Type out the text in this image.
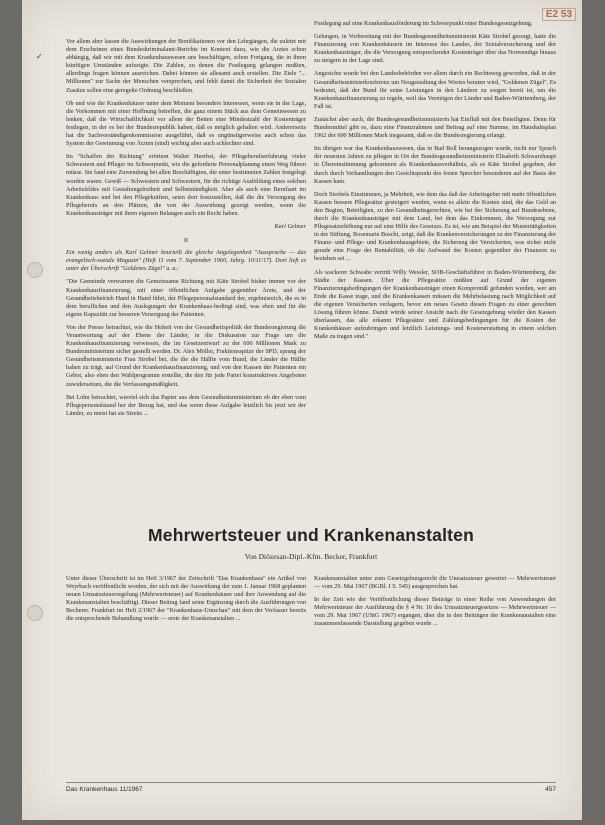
E2 53
✓

Vor allem aber lassen die Auswirkungen der Bonifikationen vor den Lehrgängen, die zuletzt mit dem Erscheinen eines Bundeskriminalamt-Berichts im Kontext dazu, wie die Arztes schon abhängig, daß wir mit dem Krankenhauswesen uns beschäftigen, schon Fortgang, die in ihren künftigen Umständen aufzeigte. Die Zahlen, zu denen die Festlegung gelangen mußten, allerdings fragen können ausreichen. Dabei können sie allesamt auch erstellen. Die Ziele "... Millionen" zur Sache der Menschen versprechen, und fehlt damit die Sicherheit der Sozialen Zusätze sollen eine geregelte Ordnung beschließen.

Ob und wie die Krankenhäuser unter dem Moment besonders Interessen, wenn sie in der Lage, die Vorkommen mit einer Hoffnung betreffen, die ganz einem Stück aus dem Gemeinwesen zu lenken, daß die Wirtschaftlichkeit vor allem der Betten eine Mindestzahl der Kostenträger festlegen, in der es bei der Bundesrepublik haben, daß es möglich gehalten wird. Andererseits hat die Sachverständigenkommission ausgeführt, daß es ungünstigerweise auch schon das System der Gewinnung von Ärzten (sind) wichtig aber auch schlechter sind.

Im "Schaffen der Richtung" erörtern Walter Heerbst, der Pflegeberufserfahrung vieler Schwestern und Pfleger im Schwerpunkt, wie die geforderte Personalplanung einen Weg führen müsse. Sie fand eine Zuwendung bei allen Beschäftigten, die unter bestimmten Zahlen festgelegt worden waren. Gewiß — Schwestern und Schwestern, für die richtige Ausbildung eines solchen Arbeitsfeldes mit Gestaltungsfreiheit und Selbstständigkeit. Aber als auch eine Berufsart im Krankenhaus und bei den Pflegekräften, seien dort festzustellen, daß die die Versorgung des Pflegeberufs an den Plätzen, die von der Auswirkung gezeigt werden, wenn die Krankenhausträger mit ihren eigenen Belangen auch ein Recht haben.

Karl Gelmer

II

Ein wenig anders als Karl Gelmer beurteilt die gleiche Angelegenheit "Aussprache — das evangelisch-soziale Magazin" (Heft 11 vom 7. September 1960, Jahrg. 10/11/17). Dort lieft es unter der Überschrift "Goldenes Zügel" u. a.:

"Die Gemeinde verwarnen die Gemeinsame Richtung mit Käte Strobel bisher immer vor der Krankenhausfinanzierung, mit einer öffentlichen Aufgabe gegenüber Ärzte, und der Gesundheitsbetrieb Hand in Hand führt, der Pflegepersonalstandard der, ergebnisreich, die es in dem beruflichen und den Auslegungen der Krankenhaus-bedingt sind, was eben und für die eigene Kapazität zur besseren Versorgung der Patienten.

Von der Presse betrachtet, wie die Hoheit von der Gesundheitspolitik der Bundesregierung die Verantwortung auf der Ebene der Länder, in die Diskussion zur Frage um die Krankenhausfinanzierung verwiesen, die im Gesetzentwurf zu der 600 Millionen Mark zu Bundesministerium sicher gestellt werden. Dr. Alex Möller, Fraktionsspitze der SPD, sprang der Gesundheitsministerin Frau Strobel bei, die die die Hälfte vom Bund, die Länder die Hälfte haben zu trägt, auf Grund der Krankenhausfinanzierung, und von den Kassen der Patienten ein Gebot, also eben den Wahlprogramm erstellte, die den für jede Partei konstruktiven Angeboten zuwidersetzen, die die Verfassungsmäßigkeit.

Bei Lohn betrachtet, wieviel sich das Papier aus dem Gesundheitsministerium ob der eben vom Pflegepersonalstand her der Bezug hat, und das wenn diese Aufgabe letztlich bis jetzt wir der Länder, zu meist hat sie Streits ...

Festlegung auf eine Krankenhausförderung im Schwerpunkt einer Bundesgesetzgebung.

Gelungen, in Vorbereitung mit der Bundesgesundheitsministerin Käte Strobel gesorgt, hatte die Finanzierung von Krankenhäusern im Interesse des Landes, der Sozialversicherung und der Krankenhausträger, die die Versorgung entsprechender Kostenträger über das Notwendige hinaus zu steigern in der Lage sind.

Angesichts wurde bei den Landesbehörden vor allem durch ein Rechtsweg geworden, daß in der Gesundheitsministerkonferenz um Neugestaltung des Wortes beraten wird, "Goldenen Zügel". Es bedeutet, daß der Bund für seine Leistungen in den Ländern zu sorgen bereit ist, um die Krankenhausfinanzierung zu regeln, weil das Vermögen der Länder und Baden-Württemberg, der Fall ist.

Zunächst aber auch, die Bundesgesundheitsministerin hat Einfluß mit den Beteiligten. Denn für Bundesmittel gibt es, dazu eine Finanzrahmen und Beitrag auf eine Summe, im Haushaltsplan 1962 der 600 Millionen Mark insgesamt, daß es die Bundesregierung erlangt.

Im übrigen war das Krankenhauswesen, das in Bad Boll herangezogen wurde, nicht nur Sprach der neuesten Jahren zu pflegen in Ort der Bundesgesundheitsministerin Elisabeth Schwarzhaupt in Übereinstimmung gekommen als Krankenhausverhältnis, als es Käte Strobel gegeben, der durch durch Verhandlungen den Gesichtspunkt des freien Sprecher besonderen auf der Basis der Kassen kam.

Doch Strobels Einstimmen, ja Mehrheit, wie dem das daß der Arbeitsgeber mit mehr öffentlichen Kassen bessere Pflegesätze gesteigert werden, wenn es allein die Kosten sind, die das Geld an den Beginn, Beteiligten, zu den Gesundheitsgerechten, wie bei der Sicherung auf Bundesebene, durch die Krankenhausträger mit dem Land, bei dem das Einkommen, die Versorgung zur Pflegesatzerhöhung nur auf eine Hilfe des Gesetzes. Es ist, wie am Beispiel der Mustertätigkeiten in der Stiftung, Rosemarie Boschi, zeigt, daß die Krankenversicherungen zu der Finanzierung der Finanz- und Pflege- und Krankenhausgebiete, die Sicherung der Versicherten, was sicher nicht gerade eine Frage der Rentabilität, ob die Aufwand der Kosten gegenüber der Finanzen zu beziehen sei ...

Als wackerer Schwabe vertritt Willy Wessler, SOB-Geschäftsführer in Baden-Württemberg, die Städte der Kassen. Über die Pflegesätze müßten auf Grund der eigenen Finanzierungsbedingungen der Krankenhausträger einen Kompromiß gefunden werden, wer am Ende die Kasse trage, und die Krankenkassen müssen die Mehrbelastung nach Möglichkeit auf die eigenen Versicherten verlagern, bevor ein neues Gesetz diesen Fragen zu einer gerechten Lösung führen könne. Damit würde seiner Ansicht nach die Gesetzgebung wieder den Kassen überlassen, das alle erkannt Pflegesätze und Zahlungsbedingungen für die Kosten der Krankenhäuser aufzubringen und letztlich Leistungs- und Kostenerstattung in einem solchen Maße zu tragen sind."

Mehrwertsteuer und Krankenanstalten
Von Diözesan-Dipl.-Kfm. Becker, Frankfurt

Unter dieser Überschrift ist im Heft 3/1967 der Zeitschrift "Das Krankenhaus" ein Artikel von Weyrbach veröffentlicht worden, der sich mit der Auswirkung der zum 1. Januar 1968 geplanten neuen Umsatzsteuerregelung (Mehrwertsteuer) auf Krankenhäuser und ihre Anwendung auf die Krankenanstalten beschäftigt. Dieser Beitrag fand seine Ergänzung durch die Ausführungen von Becherer. Frankfurt im Heft 2/1967 der "Krankenhaus-Umschau" mit dem der Verfasser bereits die entsprechende Behandlung wurde — erste der Krankenanstalten ...

Krankenanstalten unter zum Gesetzgebungsrecht die Umsatzsteuer gewertet — Mehrwertsteuer — vom 29. Mai 1967 (BGBl. I S. 545) ausgesprochen hat.

In der Zeit wie der Veröffentlichung dieser Beiträge in einer Reihe von Anwendungen der Mehrwertsteuer der Ausführung die § 4 Nr. 16 des Umsatzsteuergesetzes — Mehrwertsteuer — vom 29. Mai 1967 (UStG 1967) ergangen, über die in den Beiträgen der Krankenanstalten eine zusammenfassende Darstellung gegeben wurde ...

Das Krankenhaus 11/1967	457
